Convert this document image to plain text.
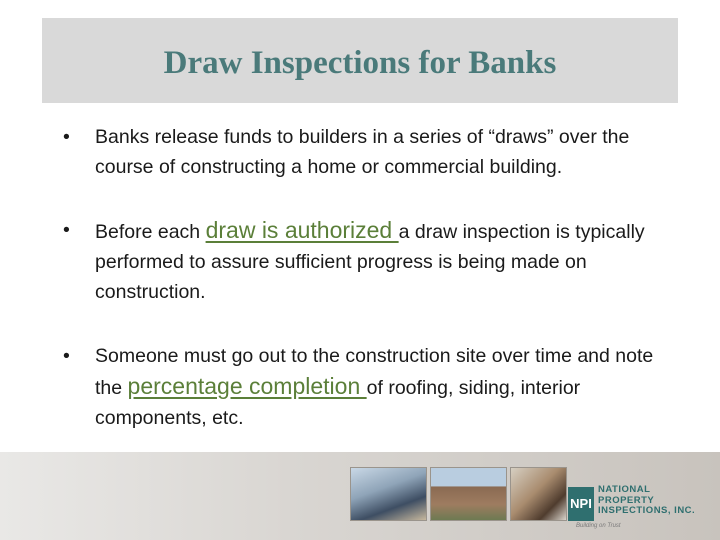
Draw Inspections for Banks
• Banks release funds to builders in a series of “draws” over the course of constructing a home or commercial building.
• Before each draw is authorized a draw inspection is typically performed to assure sufficient progress is being made on construction.
• Someone must go out to the construction site over time and note the percentage completion of roofing, siding, interior components, etc.
NPI
NATIONAL
PROPERTY
INSPECTIONS, INC.
Building on Trust
